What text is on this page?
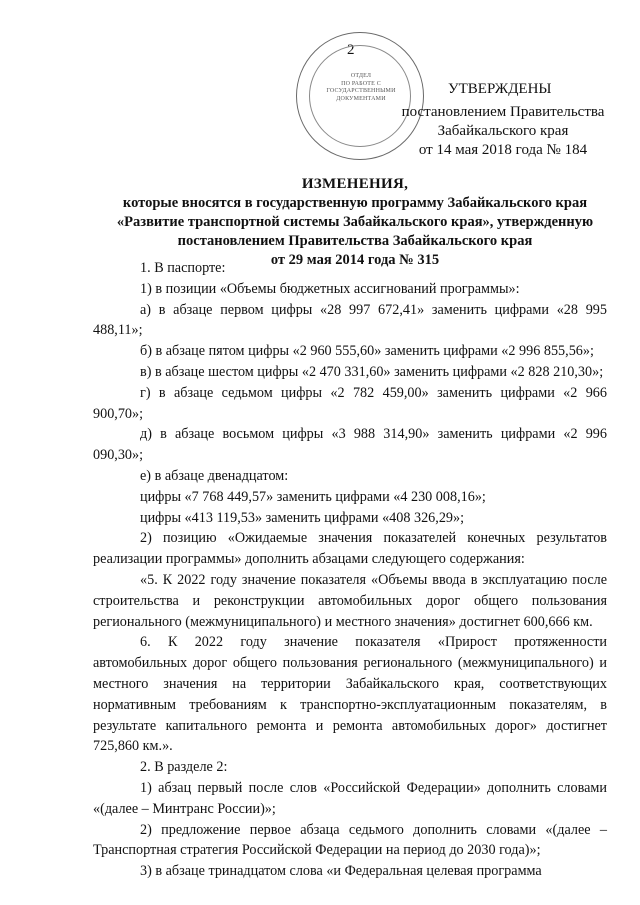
2
ОТДЕЛ
ПО РАБОТЕ С
ГОСУДАРСТВЕННЫМИ
ДОКУМЕНТАМИ
УТВЕРЖДЕНЫ
постановлением Правительства
Забайкальского края
от 14 мая 2018 года № 184
ИЗМЕНЕНИЯ,
которые вносятся в государственную программу Забайкальского края
«Развитие транспортной системы Забайкальского края», утвержденную
постановлением Правительства Забайкальского края
от 29 мая 2014 года № 315

1. В паспорте:

1) в позиции «Объемы бюджетных ассигнований программы»:

а) в абзаце первом цифры «28 997 672,41» заменить цифрами «28 995 488,11»;

б) в абзаце пятом цифры «2 960 555,60» заменить цифрами «2 996 855,56»;

в) в абзаце шестом цифры «2 470 331,60» заменить цифрами «2 828 210,30»;

г) в абзаце седьмом цифры «2 782 459,00» заменить цифрами «2 966 900,70»;

д) в абзаце восьмом цифры «3 988 314,90» заменить цифрами «2 996 090,30»;

е) в абзаце двенадцатом:

цифры «7 768 449,57» заменить цифрами «4 230 008,16»;

цифры «413 119,53» заменить цифрами «408 326,29»;

2) позицию «Ожидаемые значения показателей конечных результатов реализации программы» дополнить абзацами следующего содержания:

«5. К 2022 году значение показателя «Объемы ввода в эксплуатацию после строительства и реконструкции автомобильных дорог общего пользования регионального (межмуниципального) и местного значения» достигнет 600,666 км.

6. К 2022 году значение показателя «Прирост протяженности автомобильных дорог общего пользования регионального (межмуниципального) и местного значения на территории Забайкальского края, соответствующих нормативным требованиям к транспортно-эксплуатационным показателям, в результате капитального ремонта и ремонта автомобильных дорог» достигнет 725,860 км.».

2. В разделе 2:

1) абзац первый после слов «Российской Федерации» дополнить словами «(далее – Минтранс России)»;

2) предложение первое абзаца седьмого дополнить словами «(далее – Транспортная стратегия Российской Федерации на период до 2030 года)»;

3) в абзаце тринадцатом слова «и Федеральная целевая программа
